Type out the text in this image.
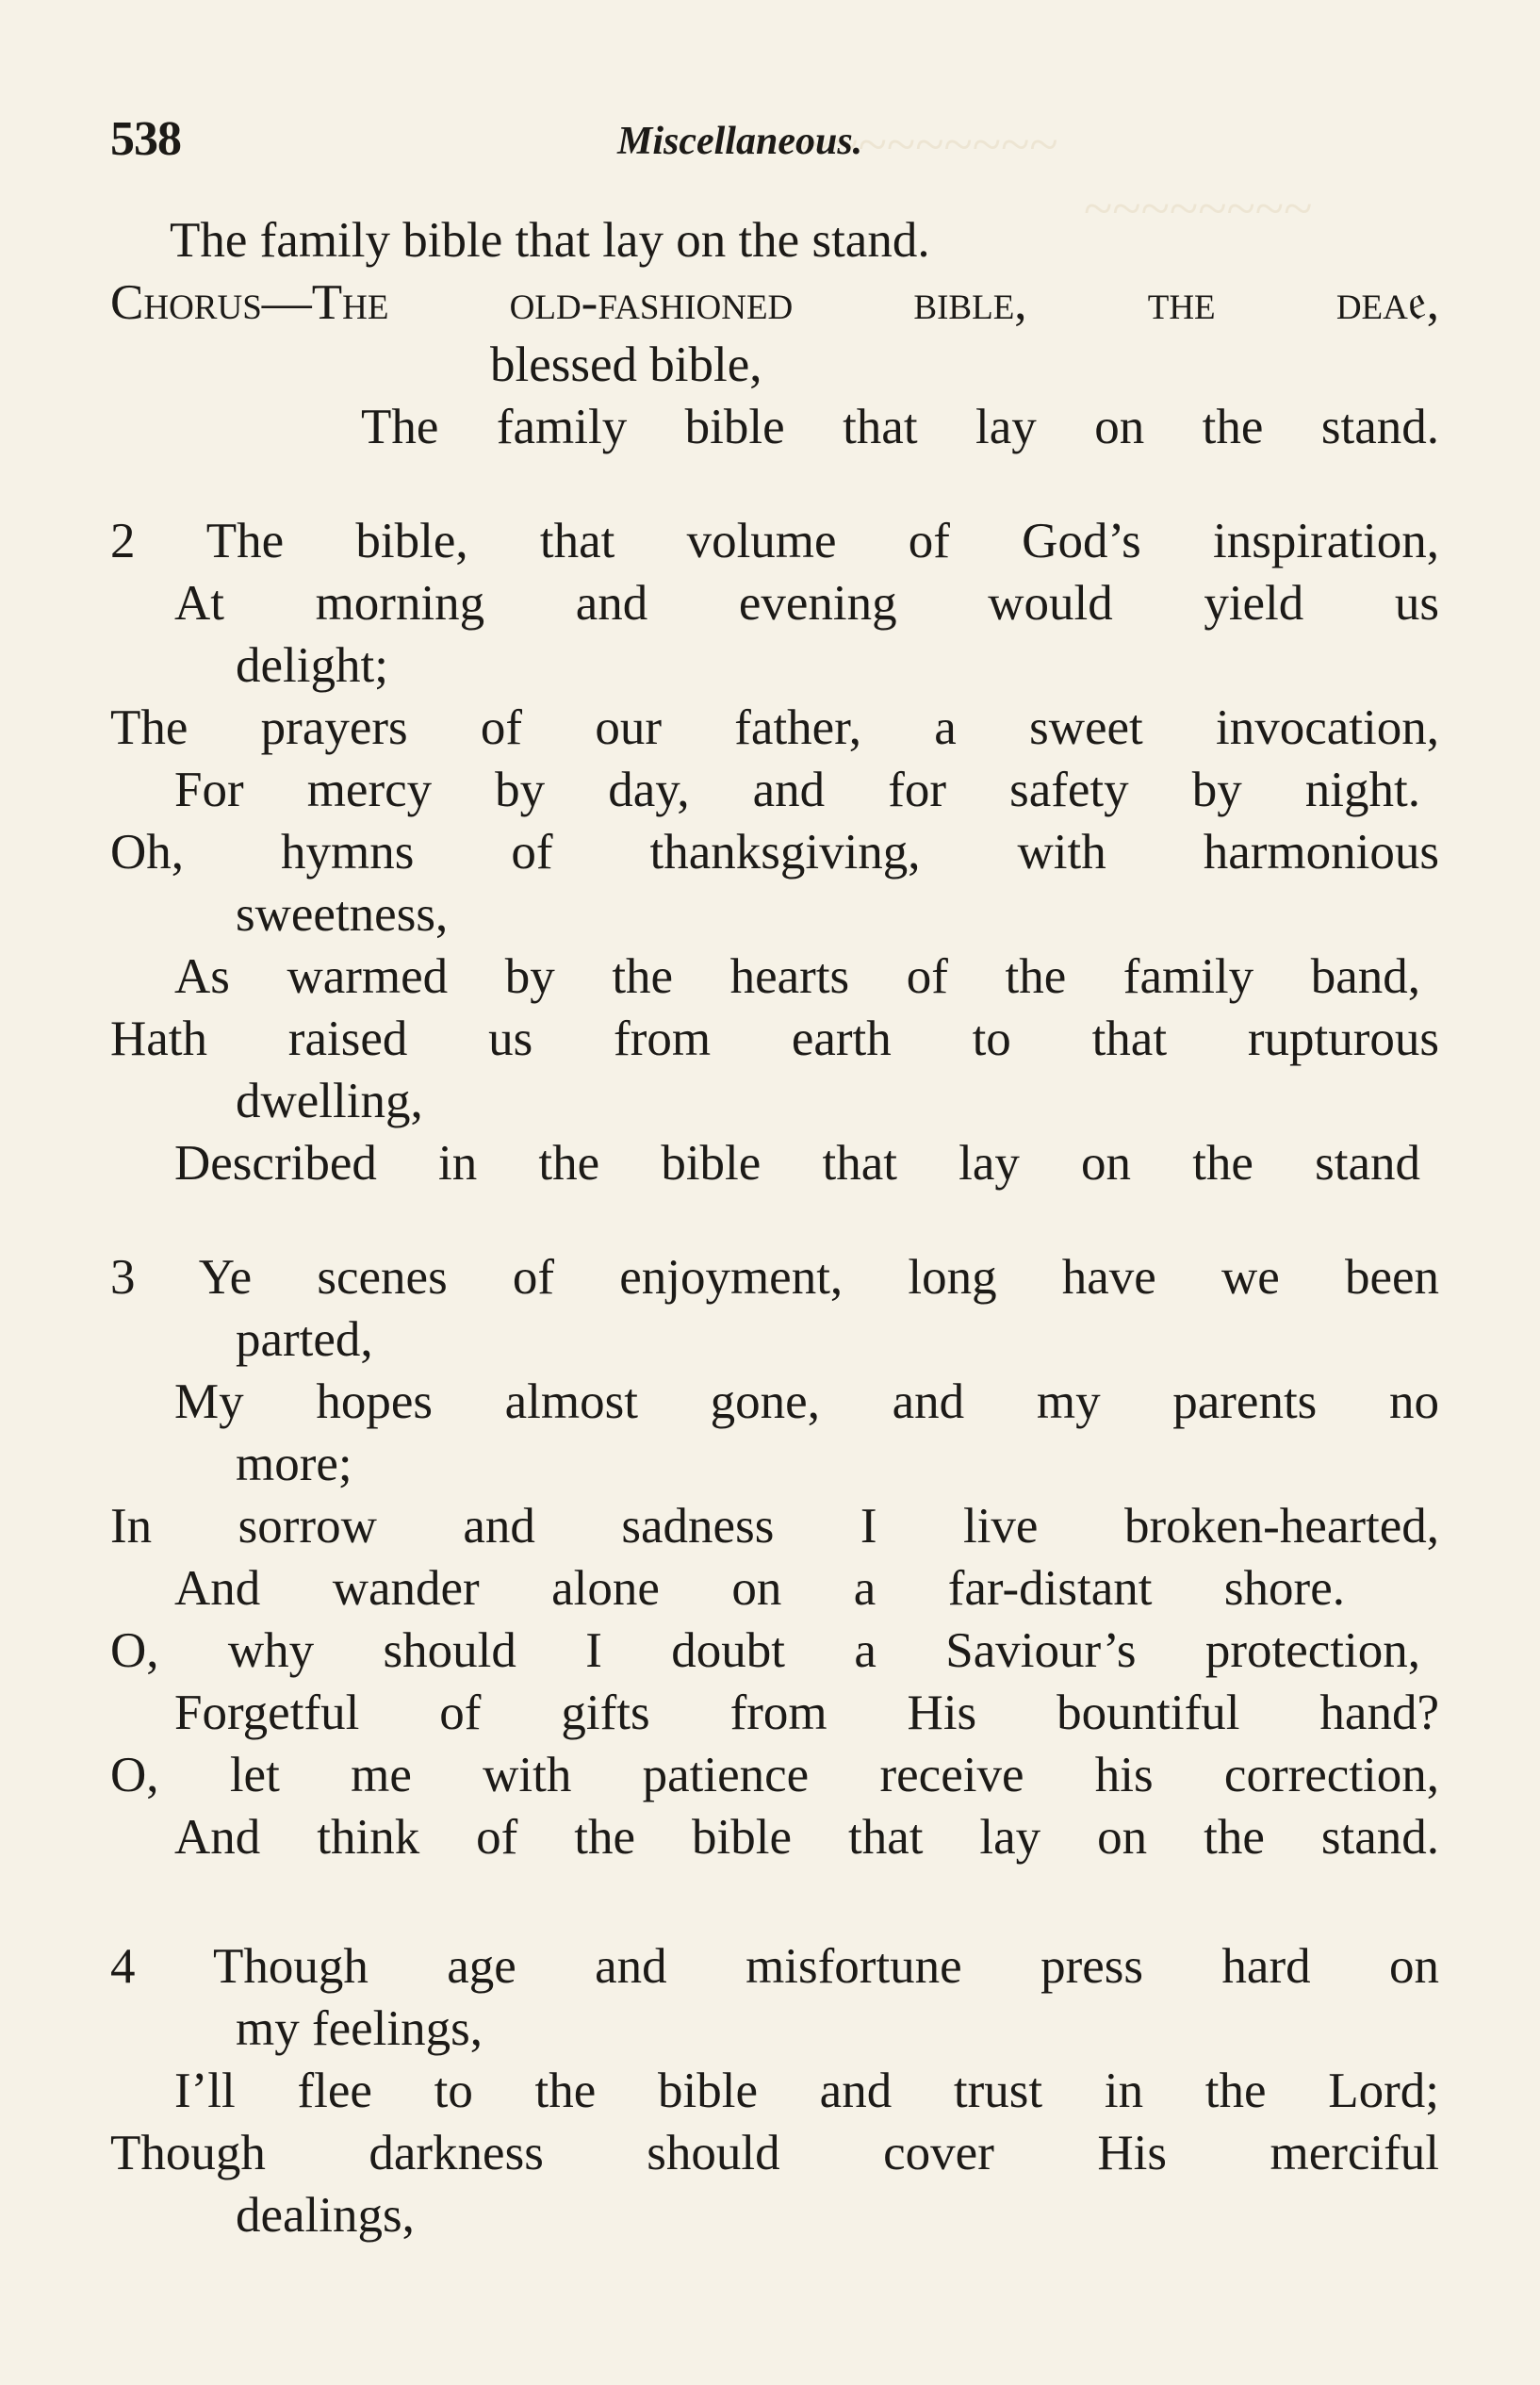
~~~~~~~~~
~~~~~~~~
538	Miscellaneous.
The family bible that lay on the stand.
Chorus—The old-fashioned bible, the dea𝔢,
blessed bible,
The family bible that lay on the stand.
2 The bible, that volume of God’s inspiration,
At morning and evening would yield us
delight;
The prayers of our father, a sweet invocation,
For mercy by day, and for safety by night.
Oh, hymns of thanksgiving, with harmonious
sweetness,
As warmed by the hearts of the family band,
Hath raised us from earth to that rupturous
dwelling,
Described in the bible that lay on the stand
3 Ye scenes of enjoyment, long have we been
parted,
My hopes almost gone, and my parents no
more;
In sorrow and sadness I live broken-hearted,
And wander alone on a far-distant shore.
O, why should I doubt a Saviour’s protection,
Forgetful of gifts from His bountiful hand?
O, let me with patience receive his correction,
And think of the bible that lay on the stand.
4 Though age and misfortune press hard on
my feelings,
I’ll flee to the bible and trust in the Lord;
Though darkness should cover His merciful
dealings,
